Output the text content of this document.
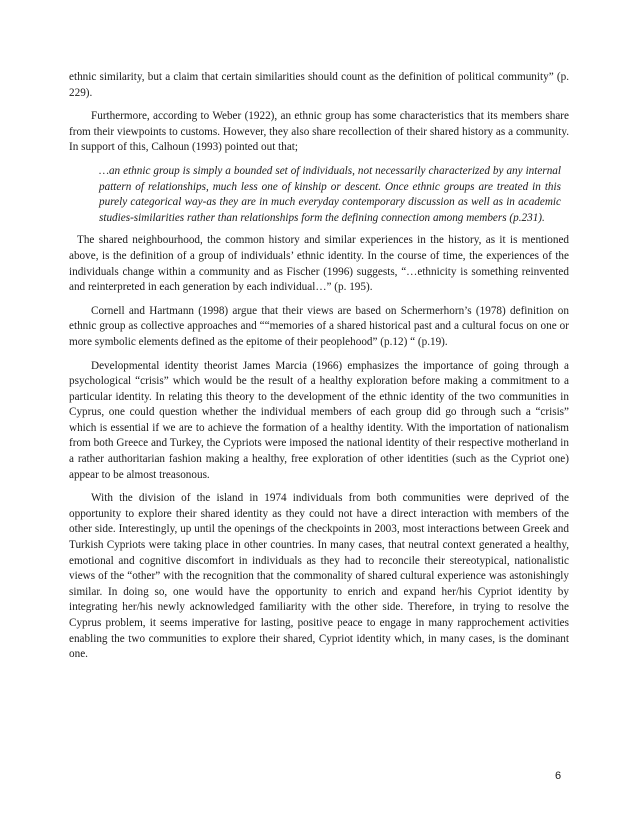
ethnic similarity, but a claim that certain similarities should count as the definition of political community” (p. 229).

Furthermore, according to Weber (1922), an ethnic group has some characteristics that its members share from their viewpoints to customs. However, they also share recollection of their shared history as a community. In support of this, Calhoun (1993) pointed out that;

…an ethnic group is simply a bounded set of individuals, not necessarily characterized by any internal pattern of relationships, much less one of kinship or descent. Once ethnic groups are treated in this purely categorical way-as they are in much everyday contemporary discussion as well as in academic studies-similarities rather than relationships form the defining connection among members (p.231).

The shared neighbourhood, the common history and similar experiences in the history, as it is mentioned above, is the definition of a group of individuals’ ethnic identity. In the course of time, the experiences of the individuals change within a community and as Fischer (1996) suggests, “…ethnicity is something reinvented and reinterpreted in each generation by each individual…” (p. 195).

Cornell and Hartmann (1998) argue that their views are based on Schermerhorn’s (1978) definition on ethnic group as collective approaches and ““memories of a shared historical past and a cultural focus on one or more symbolic elements defined as the epitome of their peoplehood” (p.12) “ (p.19).

Developmental identity theorist James Marcia (1966) emphasizes the importance of going through a psychological “crisis” which would be the result of a healthy exploration before making a commitment to a particular identity. In relating this theory to the development of the ethnic identity of the two communities in Cyprus, one could question whether the individual members of each group did go through such a “crisis” which is essential if we are to achieve the formation of a healthy identity. With the importation of nationalism from both Greece and Turkey, the Cypriots were imposed the national identity of their respective motherland in a rather authoritarian fashion making a healthy, free exploration of other identities (such as the Cypriot one) appear to be almost treasonous.

With the division of the island in 1974 individuals from both communities were deprived of the opportunity to explore their shared identity as they could not have a direct interaction with members of the other side. Interestingly, up until the openings of the checkpoints in 2003, most interactions between Greek and Turkish Cypriots were taking place in other countries. In many cases, that neutral context generated a healthy, emotional and cognitive discomfort in individuals as they had to reconcile their stereotypical, nationalistic views of the “other” with the recognition that the commonality of shared cultural experience was astonishingly similar. In doing so, one would have the opportunity to enrich and expand her/his Cypriot identity by integrating her/his newly acknowledged familiarity with the other side. Therefore, in trying to resolve the Cyprus problem, it seems imperative for lasting, positive peace to engage in many rapprochement activities enabling the two communities to explore their shared, Cypriot identity which, in many cases, is the dominant one.

6
